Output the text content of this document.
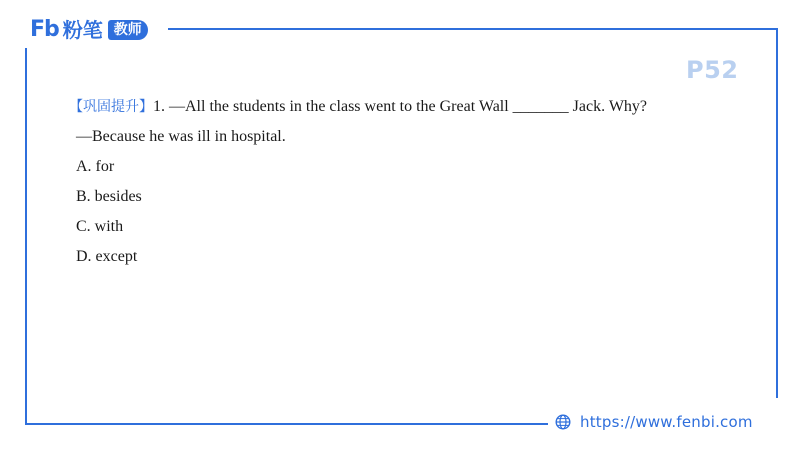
Fb 粉笔 教师
P52
【巩固提升】1. —All the students in the class went to the Great Wall _______ Jack. Why?
—Because he was ill in hospital.
A. for
B. besides
C. with
D. except
https://www.fenbi.com
